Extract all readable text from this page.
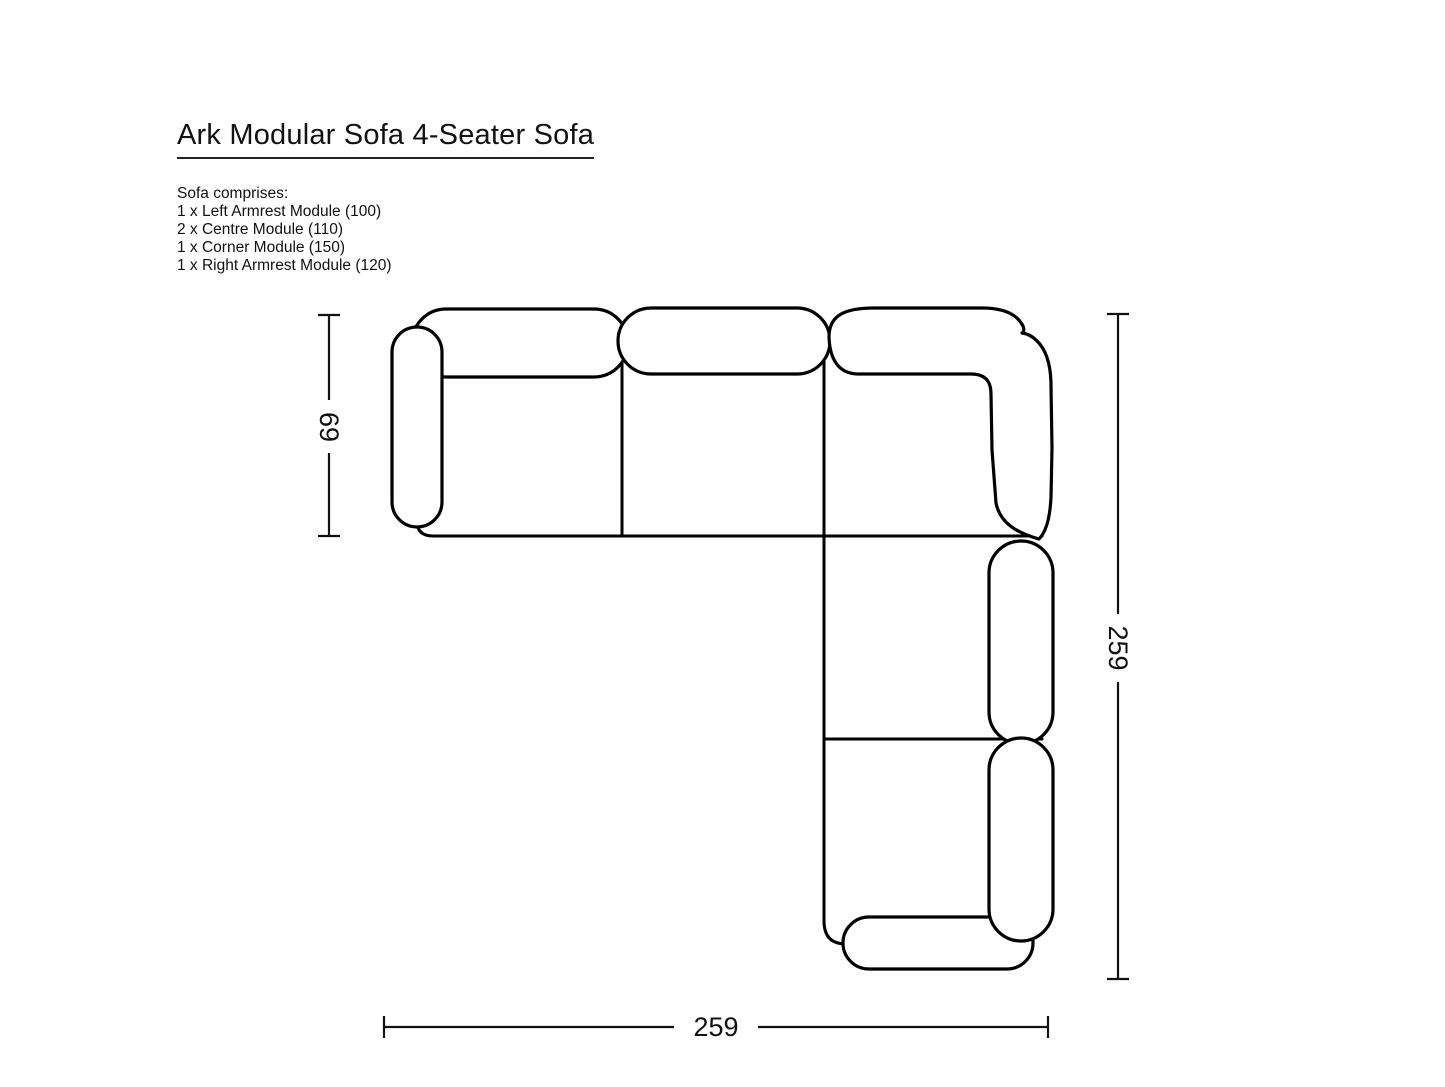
Ark Modular Sofa 4-Seater Sofa
Sofa comprises:
1 x Left Armrest Module (100)
2 x Centre Module (110)
1 x Corner Module (150)
1 x Right Armrest Module (120)
69
259
259
